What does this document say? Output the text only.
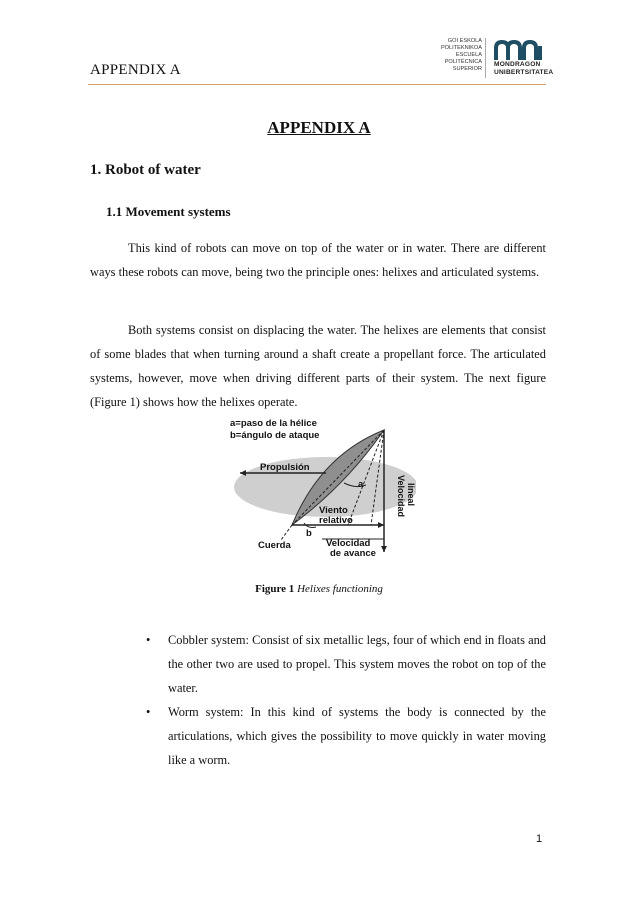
APPENDIX A
GOI ESKOLA
POLITEKNIKOA
ESCUELA
POLITÉCNICA
SUPERIOR
MONDRAGON
UNIBERTSITATEA
APPENDIX A
1. Robot of water
1.1 Movement systems
This kind of robots can move on top of the water or in water. There are different ways these robots can move, being two the principle ones: helixes and articulated systems.
Both systems consist on displacing the water. The helixes are elements that consist of some blades that when turning around a shaft create a propellant force. The articulated systems, however, move when driving different parts of their system. The next figure (Figure 1) shows how the helixes operate.
a=paso de la hélice
b=ángulo de ataque
Propulsión
a
Viento
relativo
b
Cuerda	Velocidad
de avance
Velocidad lineal
Figure 1 Helixes functioning
• Cobbler system: Consist of six metallic legs, four of which end in floats and the other two are used to propel. This system moves the robot on top of the water.
• Worm system: In this kind of systems the body is connected by the articulations, which gives the possibility to move quickly in water moving like a worm.
1
